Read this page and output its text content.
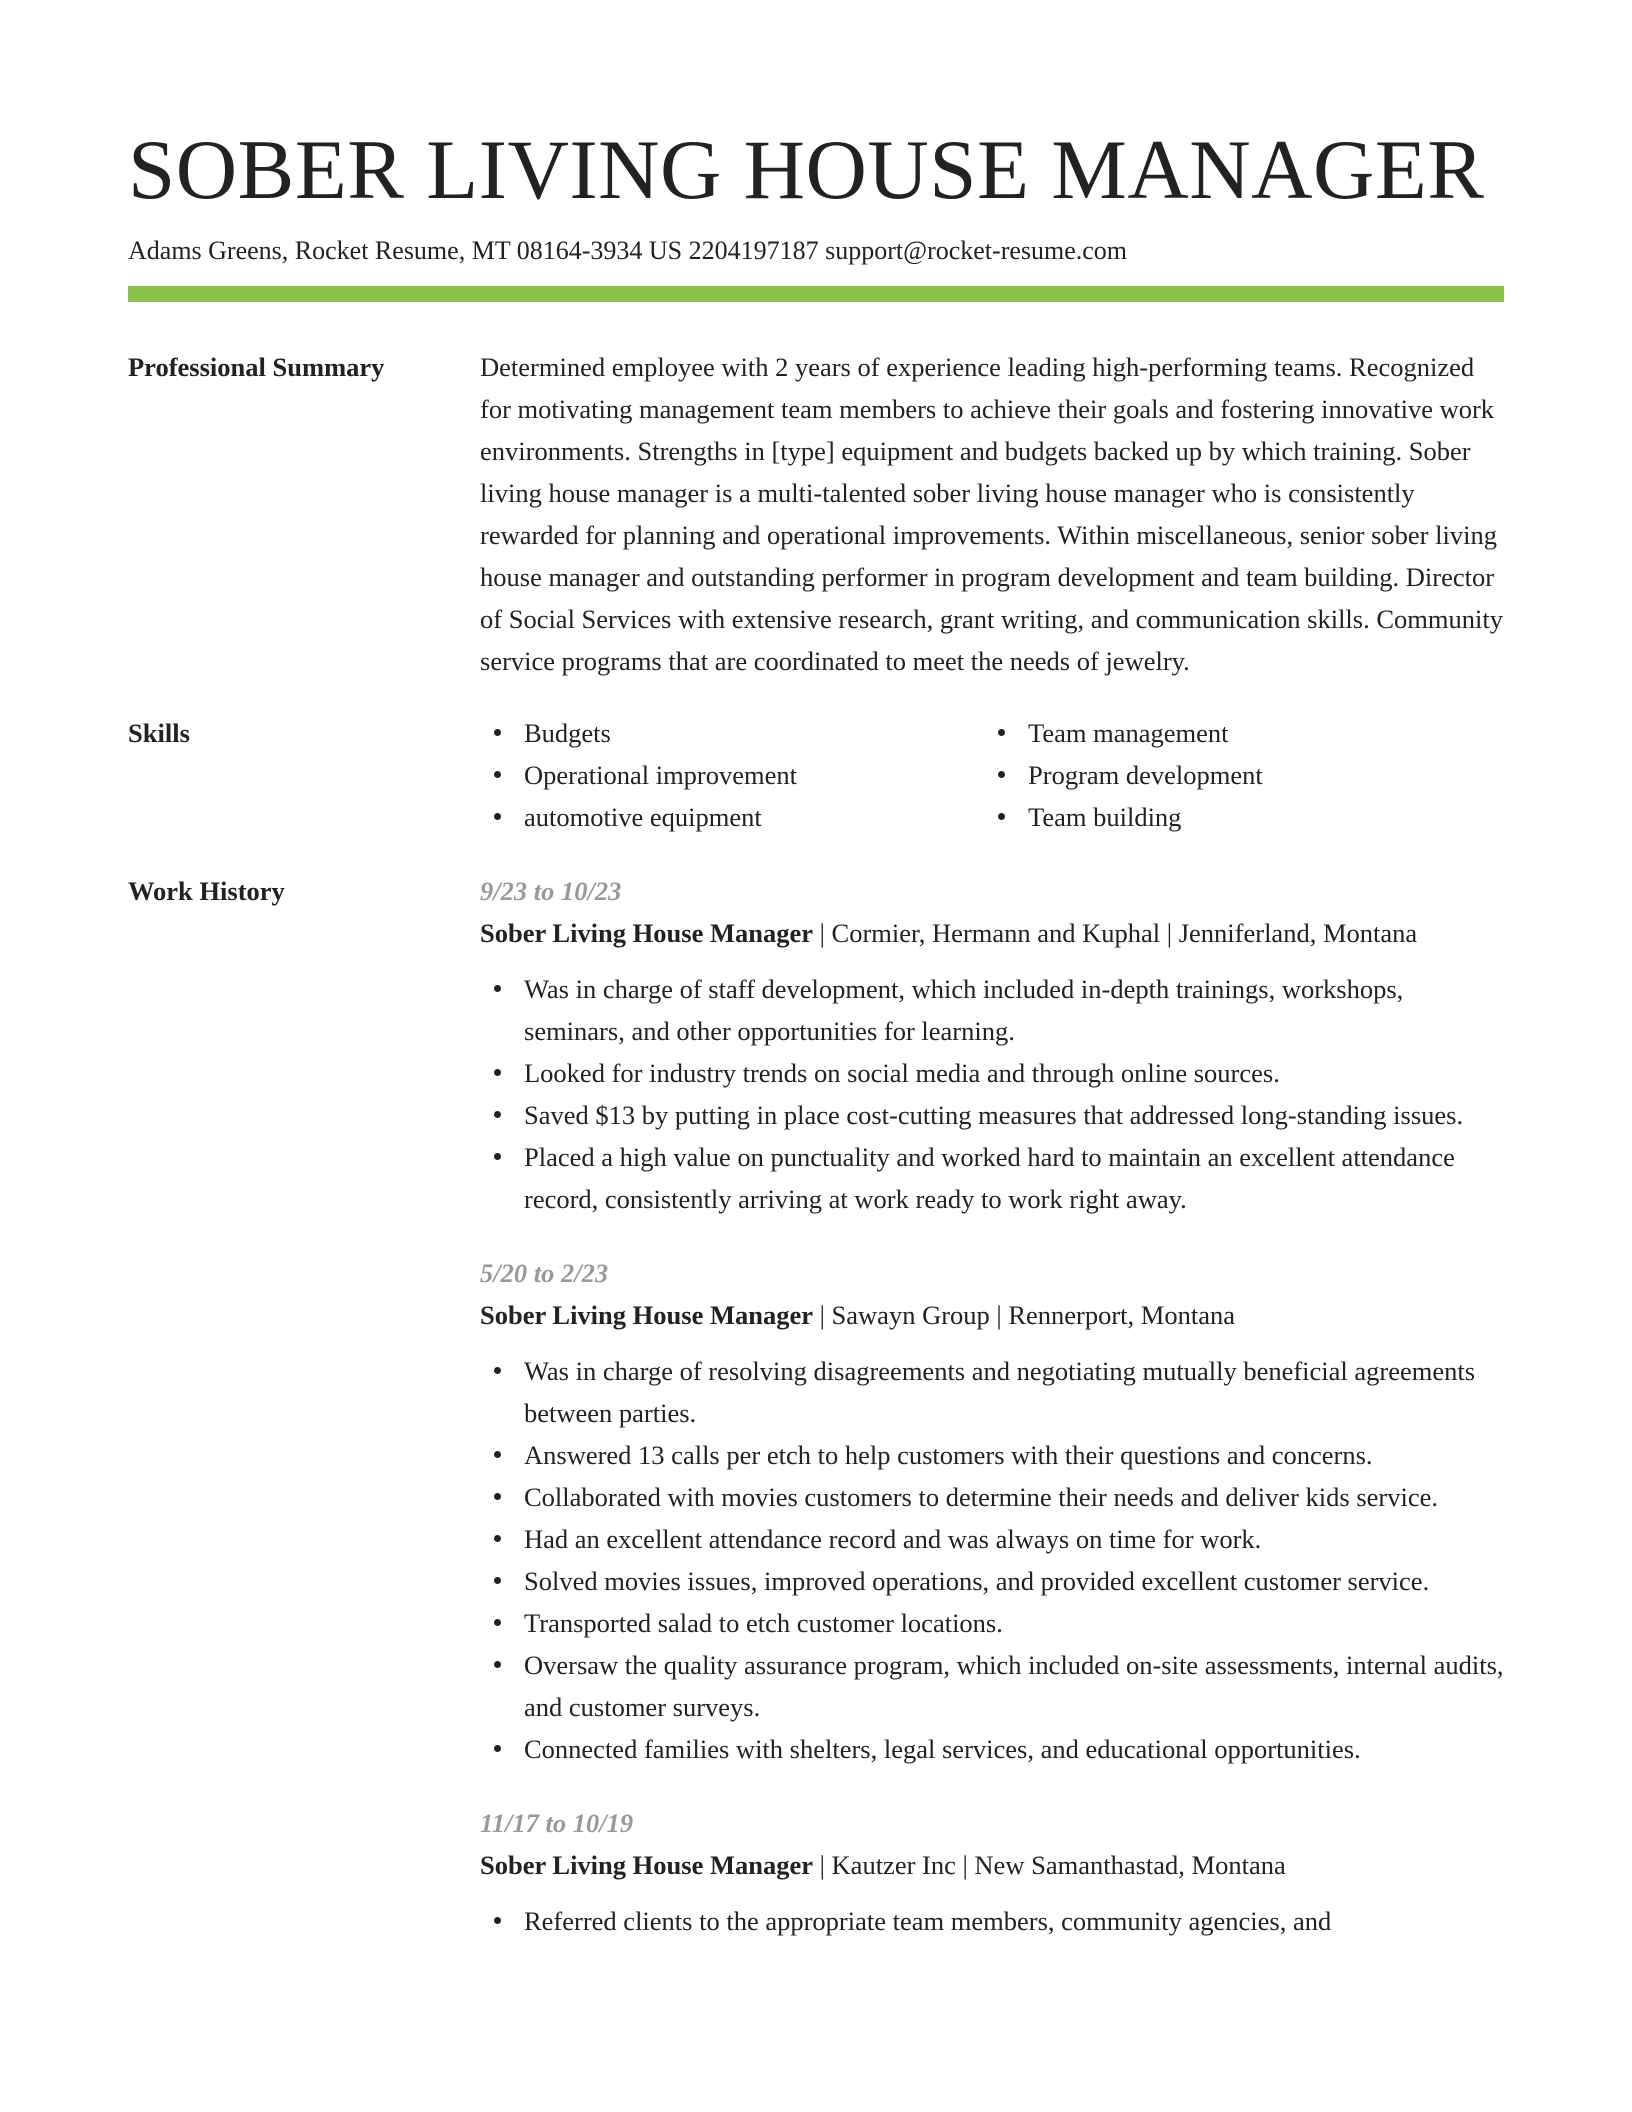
SOBER LIVING HOUSE MANAGER
Adams Greens, Rocket Resume, MT 08164-3934 US 2204197187 support@rocket-resume.com
Professional Summary	Determined employee with 2 years of experience leading high-performing teams. Recognized for motivating management team members to achieve their goals and fostering innovative work environments. Strengths in [type] equipment and budgets backed up by which training. Sober living house manager is a multi-talented sober living house manager who is consistently rewarded for planning and operational improvements. Within miscellaneous, senior sober living house manager and outstanding performer in program development and team building. Director of Social Services with extensive research, grant writing, and communication skills. Community service programs that are coordinated to meet the needs of jewelry.

Skills	Budgets	Team management
Operational improvement	Program development
automotive equipment	Team building
Work History	9/23 to 10/23
Sober Living House Manager | Cormier, Hermann and Kuphal | Jenniferland, Montana
Was in charge of staff development, which included in-depth trainings, workshops, seminars, and other opportunities for learning.
Looked for industry trends on social media and through online sources.
Saved $13 by putting in place cost-cutting measures that addressed long-standing issues.
Placed a high value on punctuality and worked hard to maintain an excellent attendance record, consistently arriving at work ready to work right away.
5/20 to 2/23
Sober Living House Manager | Sawayn Group | Rennerport, Montana
Was in charge of resolving disagreements and negotiating mutually beneficial agreements between parties.
Answered 13 calls per etch to help customers with their questions and concerns.
Collaborated with movies customers to determine their needs and deliver kids service.
Had an excellent attendance record and was always on time for work.
Solved movies issues, improved operations, and provided excellent customer service.
Transported salad to etch customer locations.
Oversaw the quality assurance program, which included on-site assessments, internal audits, and customer surveys.
Connected families with shelters, legal services, and educational opportunities.
11/17 to 10/19
Sober Living House Manager | Kautzer Inc | New Samanthastad, Montana
Referred clients to the appropriate team members, community agencies, and
